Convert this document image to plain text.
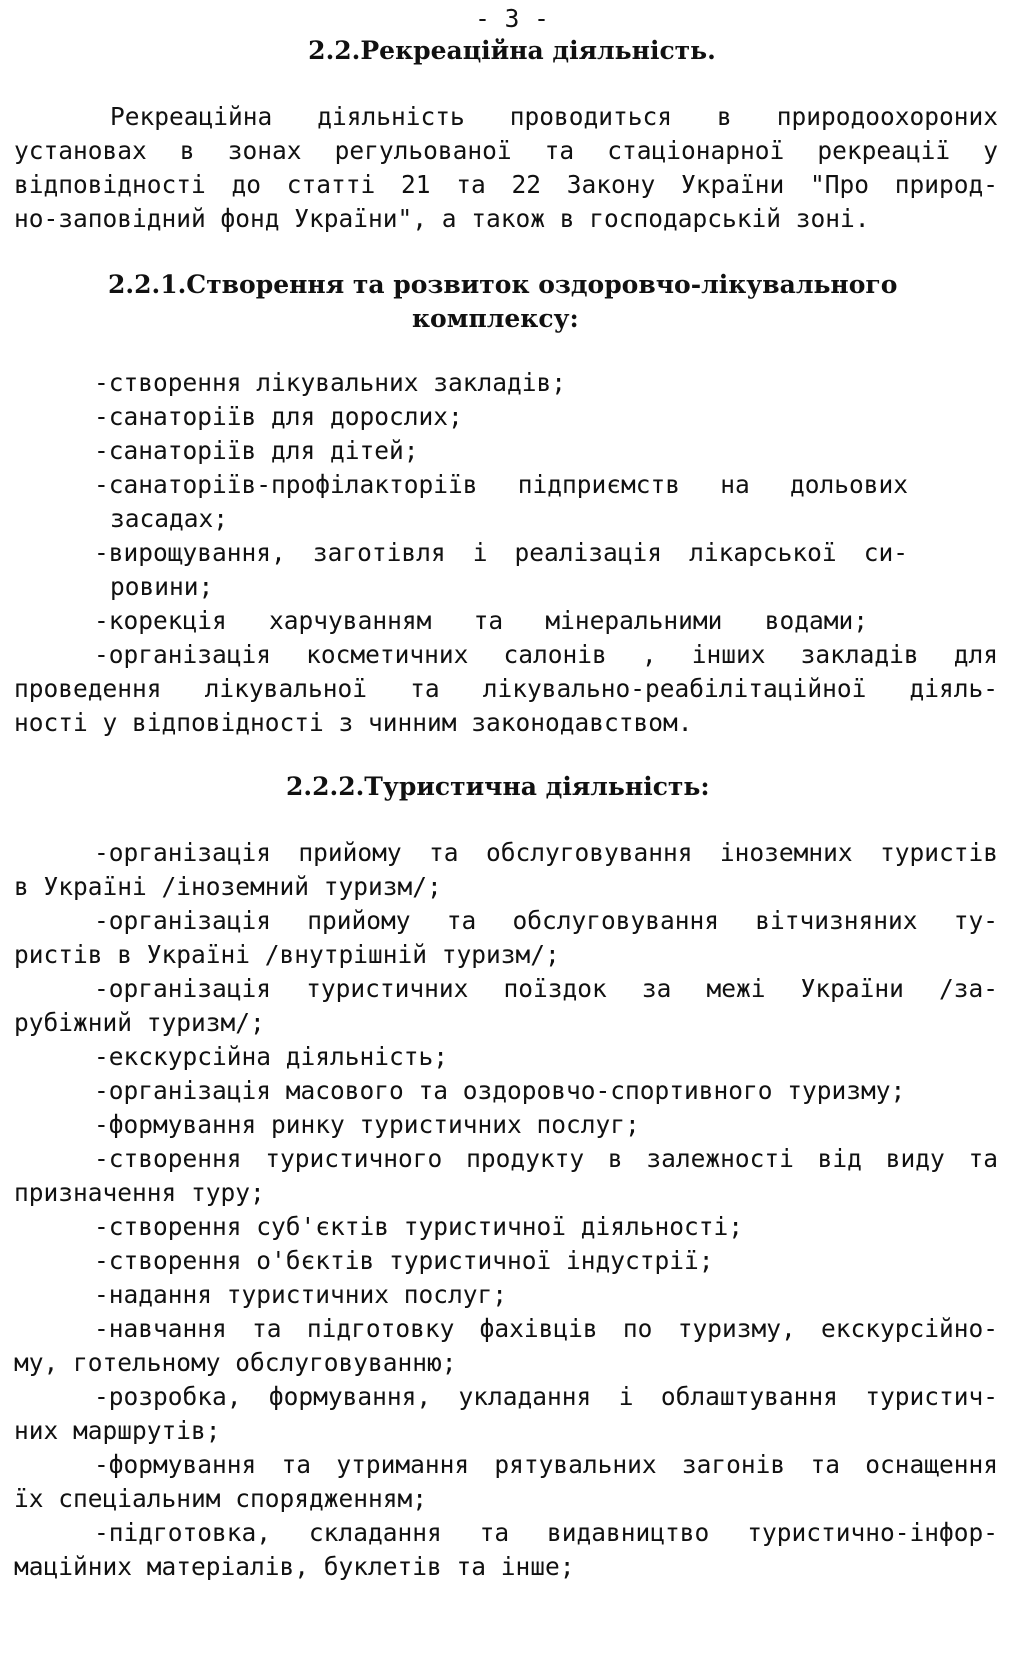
- 3 -
2.2.Рекреаційна діяльність.
Рекреаційна діяльність проводиться в природоохороних
установах в зонах регульованої та стаціонарної рекреації у
відповідності до статті 21 та 22 Закону України "Про природ-
но-заповідний фонд України", а також в господарській зоні.
2.2.1.Створення та розвиток оздоровчо-лікувального
комплексу:
-створення лікувальних закладів;
-санаторіїв для дорослих;
-санаторіїв для дітей;
-санаторіїв-профілакторіїв підприємств на дольових
засадах;
-вирощування, заготівля і реалізація лікарської си-
ровини;
-корекція харчуванням та мінеральними водами;
-організація косметичних салонів , інших закладів для
проведення лікувальної та лікувально-реабілітаційної діяль-
ності у відповідності з чинним законодавством.
2.2.2.Туристична діяльність:
-організація прийому та обслуговування іноземних туристів
в Україні /іноземний туризм/;
-організація прийому та обслуговування вітчизняних ту-
ристів в Україні /внутрішній туризм/;
-організація туристичних поїздок за межі України /за-
рубіжний туризм/;
-екскурсійна діяльність;
-організація масового та оздоровчо-спортивного туризму;
-формування ринку туристичних послуг;
-створення туристичного продукту в залежності від виду та
призначення туру;
-створення суб'єктів туристичної діяльності;
-створення о'бєктів туристичної індустрії;
-надання туристичних послуг;
-навчання та підготовку фахівців по туризму, екскурсійно-
му, готельному обслуговуванню;
-розробка, формування, укладання і облаштування туристич-
них маршрутів;
-формування та утримання рятувальних загонів та оснащення
їх спеціальним спорядженням;
-підготовка, складання та видавництво туристично-інфор-
маційних матеріалів, буклетів та інше;
